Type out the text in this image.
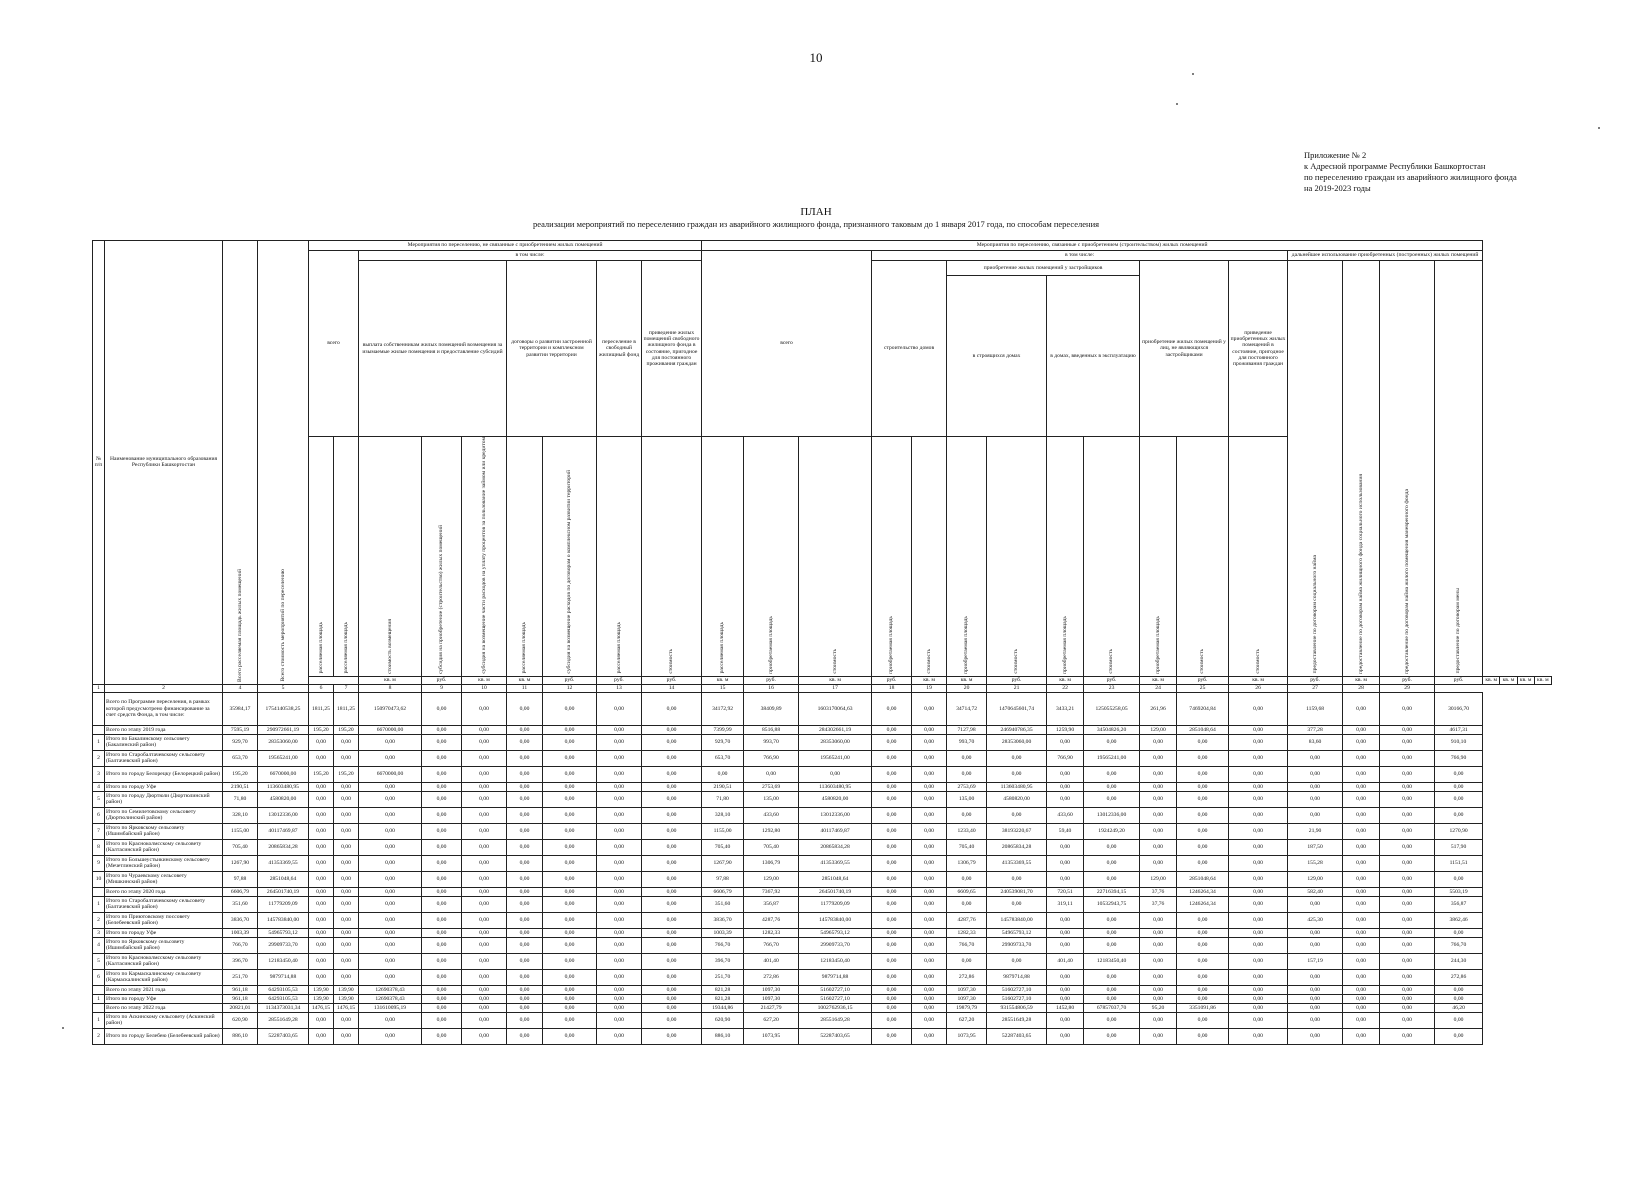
10
Приложение № 2
к Адресной программе Республики Башкортостан
по переселению граждан из аварийного жилищного фонда
на 2019-2023 годы
ПЛАН
реализации мероприятий по переселению граждан из аварийного жилищного фонда, признанного таковым до 1 января 2017 года, по способам переселения
№ п/п	Наименование муниципального образования Республики Башкортостан	Всего расселяемая площадь жилых помещений	Всего стоимость мероприятий по переселению	Мероприятия по переселению, не связанные с приобретением жилых помещений									Мероприятия по переселению, связанные с приобретением (строительством) жилых помещений																			
				всего		в том числе:							всего			в том числе:									дальнейшее использование приобретенных (построенных) жилых помещений							
						выплата собственникам жилых помещений возмещения за изымаемые жилые помещения и предоставление субсидий			договоры о развитии застроенной территории и комплексном развитии территории		переселение в свободный жилищный фонд	приведение жилых помещений свободного жилищного фонда в состояние, пригодное для постоянного проживания граждан				строительство домов		приобретение жилых помещений у застройщиков				приобретение жилых помещений у лиц, не являющихся застройщиками		приведение приобретенных жилых помещений в состояние, пригодное для постоянного проживания граждан	предоставление по договорам социального найма	предоставление по договорам найма жилищного фонда социального использования	предоставление по договорам найма жилого помещения маневренного фонда	предоставление по договорам мены				
																		в строящихся домах		в домах, введенных в эксплуатацию												
				расселяемая площадь	расселяемая площадь	стоимость возмещения	субсидия на приобретение (строительство) жилых помещений	субсидия на возмещение части расходов на уплату процентов за пользование займом или кредитом	расселяемая площадь	субсидия на возмещение расходов по договорам о комплексном развитии территорий	расселяемая площадь	стоимость	расселяемая площадь	приобретаемая площадь	стоимость	приобретаемая площадь	стоимость	приобретаемая площадь	стоимость	приобретаемая площадь	стоимость	приобретаемая площадь	стоимость	стоимость								
						кв. м	руб.	кв. м	кв. м	руб.	руб.	руб.	кв. м	руб.	кв. м	руб.	кв. м	кв. м	руб.	кв. м	руб.	кв. м	руб.	кв. м	руб.	кв. м	руб.	руб.	кв. м	кв. м	кв. м	кв. м
1	2	4	5	6	7	8	9	10	11	12	13	14	15	16	17	18	19	20	21	22	23	24	25	26	27	28	29					
	Всего по Программе переселения, в рамках которой предусмотрено финансирование за счет средств Фонда, в том числе:	35984,17	1754140538,25	1811,25	1811,25	150970473,62	0,00	0,00	0,00	0,00	0,00	0,00	34172,92	38409,89	1603170064,63	0,00	0,00	34714,72	1470645601,74	3433,21	125055258,05	261,96	7469204,84	0,00	1159,68	0,00	0,00	30166,70				
	Всего по этапу 2019 года	7595,19	290972661,19	195,20	195,20	6670000,00	0,00	0,00	0,00	0,00	0,00	0,00	7399,99	8516,88	284302661,19	0,00	0,00	7127,98	246940786,35	1259,90	34504826,20	129,00	2851048,64	0,00	377,28	0,00	0,00	4617,31				
1	Итого по Бакалинскому сельсовету (Бакалинский район)	929,70	28353060,00	0,00	0,00	0,00	0,00	0,00	0,00	0,00	0,00	0,00	929,70	993,70	28353060,00	0,00	0,00	993,70	28353060,00	0,00	0,00	0,00	0,00	0,00	83,60	0,00	0,00	910,10				
2	Итого по Старобалтачевскому сельсовету (Балтачевский район)	653,70	19565241,00	0,00	0,00	0,00	0,00	0,00	0,00	0,00	0,00	0,00	653,70	766,90	19565241,00	0,00	0,00	0,00	0,00	766,90	19565241,00	0,00	0,00	0,00	0,00	0,00	0,00	766,90				
3	Итого по городу Белорецку (Белорецкий район)	195,20	6670000,00	195,20	195,20	6670000,00	0,00	0,00	0,00	0,00	0,00	0,00	0,00	0,00	0,00	0,00	0,00	0,00	0,00	0,00	0,00	0,00	0,00	0,00	0,00	0,00	0,00	0,00				
4	Итого по городу Уфе	2190,51	113603480,95	0,00	0,00	0,00	0,00	0,00	0,00	0,00	0,00	0,00	2190,51	2753,69	113603480,95	0,00	0,00	2753,69	113603480,95	0,00	0,00	0,00	0,00	0,00	0,00	0,00	0,00	0,00				
5	Итого по городу Дюртюли (Дюртюлинский район)	71,80	4580820,00	0,00	0,00	0,00	0,00	0,00	0,00	0,00	0,00	0,00	71,80	135,00	4580820,00	0,00	0,00	135,00	4580820,00	0,00	0,00	0,00	0,00	0,00	0,00	0,00	0,00	0,00				
6	Итого по Семилетовскому сельсовету (Дюртюлинский район)	328,10	13012336,00	0,00	0,00	0,00	0,00	0,00	0,00	0,00	0,00	0,00	328,10	433,60	13012336,00	0,00	0,00	0,00	0,00	433,60	13012336,00	0,00	0,00	0,00	0,00	0,00	0,00	0,00				
7	Итого по Ярковскому сельсовету (Ишимбайский район)	1155,00	40117469,87	0,00	0,00	0,00	0,00	0,00	0,00	0,00	0,00	0,00	1155,00	1292,80	40117469,87	0,00	0,00	1233,40	38193220,67	59,40	1924249,20	0,00	0,00	0,00	21,90	0,00	0,00	1270,90				
8	Итого по Красноколмсскому сельсовету (Калтасинский район)	705,40	20865834,28	0,00	0,00	0,00	0,00	0,00	0,00	0,00	0,00	0,00	705,40	705,40	20865834,28	0,00	0,00	705,40	20865834,28	0,00	0,00	0,00	0,00	0,00	187,50	0,00	0,00	517,90				
9	Итого по Большеустьикинскому сельсовету (Мечетлинский район)	1267,90	41353369,55	0,00	0,00	0,00	0,00	0,00	0,00	0,00	0,00	0,00	1267,90	1306,79	41353369,55	0,00	0,00	1306,79	41353369,55	0,00	0,00	0,00	0,00	0,00	155,28	0,00	0,00	1151,51				
10	Итого по Чураевскому сельсовету (Мишкинский район)	97,88	2851048,64	0,00	0,00	0,00	0,00	0,00	0,00	0,00	0,00	0,00	97,88	129,00	2851048,64	0,00	0,00	0,00	0,00	0,00	0,00	129,00	2851048,64	0,00	129,00	0,00	0,00	0,00				
	Всего по этапу 2020 года	6606,79	264501740,19	0,00	0,00	0,00	0,00	0,00	0,00	0,00	0,00	0,00	6606,79	7367,92	264501740,19	0,00	0,00	6609,65	240539081,70	720,51	22716394,15	37,76	1246264,34	0,00	582,40	0,00	0,00	5503,19				
1	Итого по Старобалтачевскому сельсовету (Балтачевский район)	351,60	11779209,09	0,00	0,00	0,00	0,00	0,00	0,00	0,00	0,00	0,00	351,60	356,87	11779209,09	0,00	0,00	0,00	0,00	319,11	10532943,75	37,76	1246264,34	0,00	0,00	0,00	0,00	356,87				
2	Итого по Приютовскому поссовету (Белебеевский район)	3836,70	145783840,00	0,00	0,00	0,00	0,00	0,00	0,00	0,00	0,00	0,00	3836,70	4287,76	145783840,00	0,00	0,00	4287,76	145783840,00	0,00	0,00	0,00	0,00	0,00	425,30	0,00	0,00	3862,46				
3	Итого по городу Уфе	1003,39	54965793,12	0,00	0,00	0,00	0,00	0,00	0,00	0,00	0,00	0,00	1003,39	1282,33	54965793,12	0,00	0,00	1282,33	54965793,12	0,00	0,00	0,00	0,00	0,00	0,00	0,00	0,00	0,00				
4	Итого по Ярковскому сельсовету (Ишимбайский район)	766,70	29909733,70	0,00	0,00	0,00	0,00	0,00	0,00	0,00	0,00	0,00	766,70	766,70	29909733,70	0,00	0,00	766,70	29909733,70	0,00	0,00	0,00	0,00	0,00	0,00	0,00	0,00	766,70				
5	Итого по Красноколмсскому сельсовету (Калтасинский район)	396,70	12183450,40	0,00	0,00	0,00	0,00	0,00	0,00	0,00	0,00	0,00	396,70	401,40	12183450,40	0,00	0,00	0,00	0,00	401,40	12183450,40	0,00	0,00	0,00	157,19	0,00	0,00	244,30				
6	Итого по Кармаскалинскому сельсовету (Кармаскалинский район)	251,70	9879714,88	0,00	0,00	0,00	0,00	0,00	0,00	0,00	0,00	0,00	251,70	272,86	9879714,88	0,00	0,00	272,86	9879714,88	0,00	0,00	0,00	0,00	0,00	0,00	0,00	0,00	272,86				
	Всего по этапу 2021 года	961,18	64293105,53	139,90	139,90	12690378,43	0,00	0,00	0,00	0,00	0,00	0,00	821,28	1097,30	51602727,10	0,00	0,00	1097,30	51602727,10	0,00	0,00	0,00	0,00	0,00	0,00	0,00	0,00	0,00				
1	Итого по городу Уфе	961,18	64293105,53	139,90	139,90	12690378,43	0,00	0,00	0,00	0,00	0,00	0,00	821,28	1097,30	51602727,10	0,00	0,00	1097,30	51602727,10	0,00	0,00	0,00	0,00	0,00	0,00	0,00	0,00	0,00				
	Всего по этапу 2022 года	20821,01	1134373031,34	1476,15	1476,15	131610095,19	0,00	0,00	0,00	0,00	0,00	0,00	19344,86	21427,79	1002762936,15	0,00	0,00	19879,79	931554806,59	1452,80	67857037,70	95,20	3351091,86	0,00	0,00	0,00	0,00	46,20				
1	Итого по Аскинскому сельсовету (Аскинский район)	620,90	28551649,28	0,00	0,00	0,00	0,00	0,00	0,00	0,00	0,00	0,00	620,90	627,20	28551649,28	0,00	0,00	627,20	28551649,28	0,00	0,00	0,00	0,00	0,00	0,00	0,00	0,00	0,00				
2	Итого по городу Белебею (Белебеевский район)	886,10	52287403,65	0,00	0,00	0,00	0,00	0,00	0,00	0,00	0,00	0,00	886,10	1073,95	52287403,65	0,00	0,00	1073,95	52287403,65	0,00	0,00	0,00	0,00	0,00	0,00	0,00	0,00	0,00				
